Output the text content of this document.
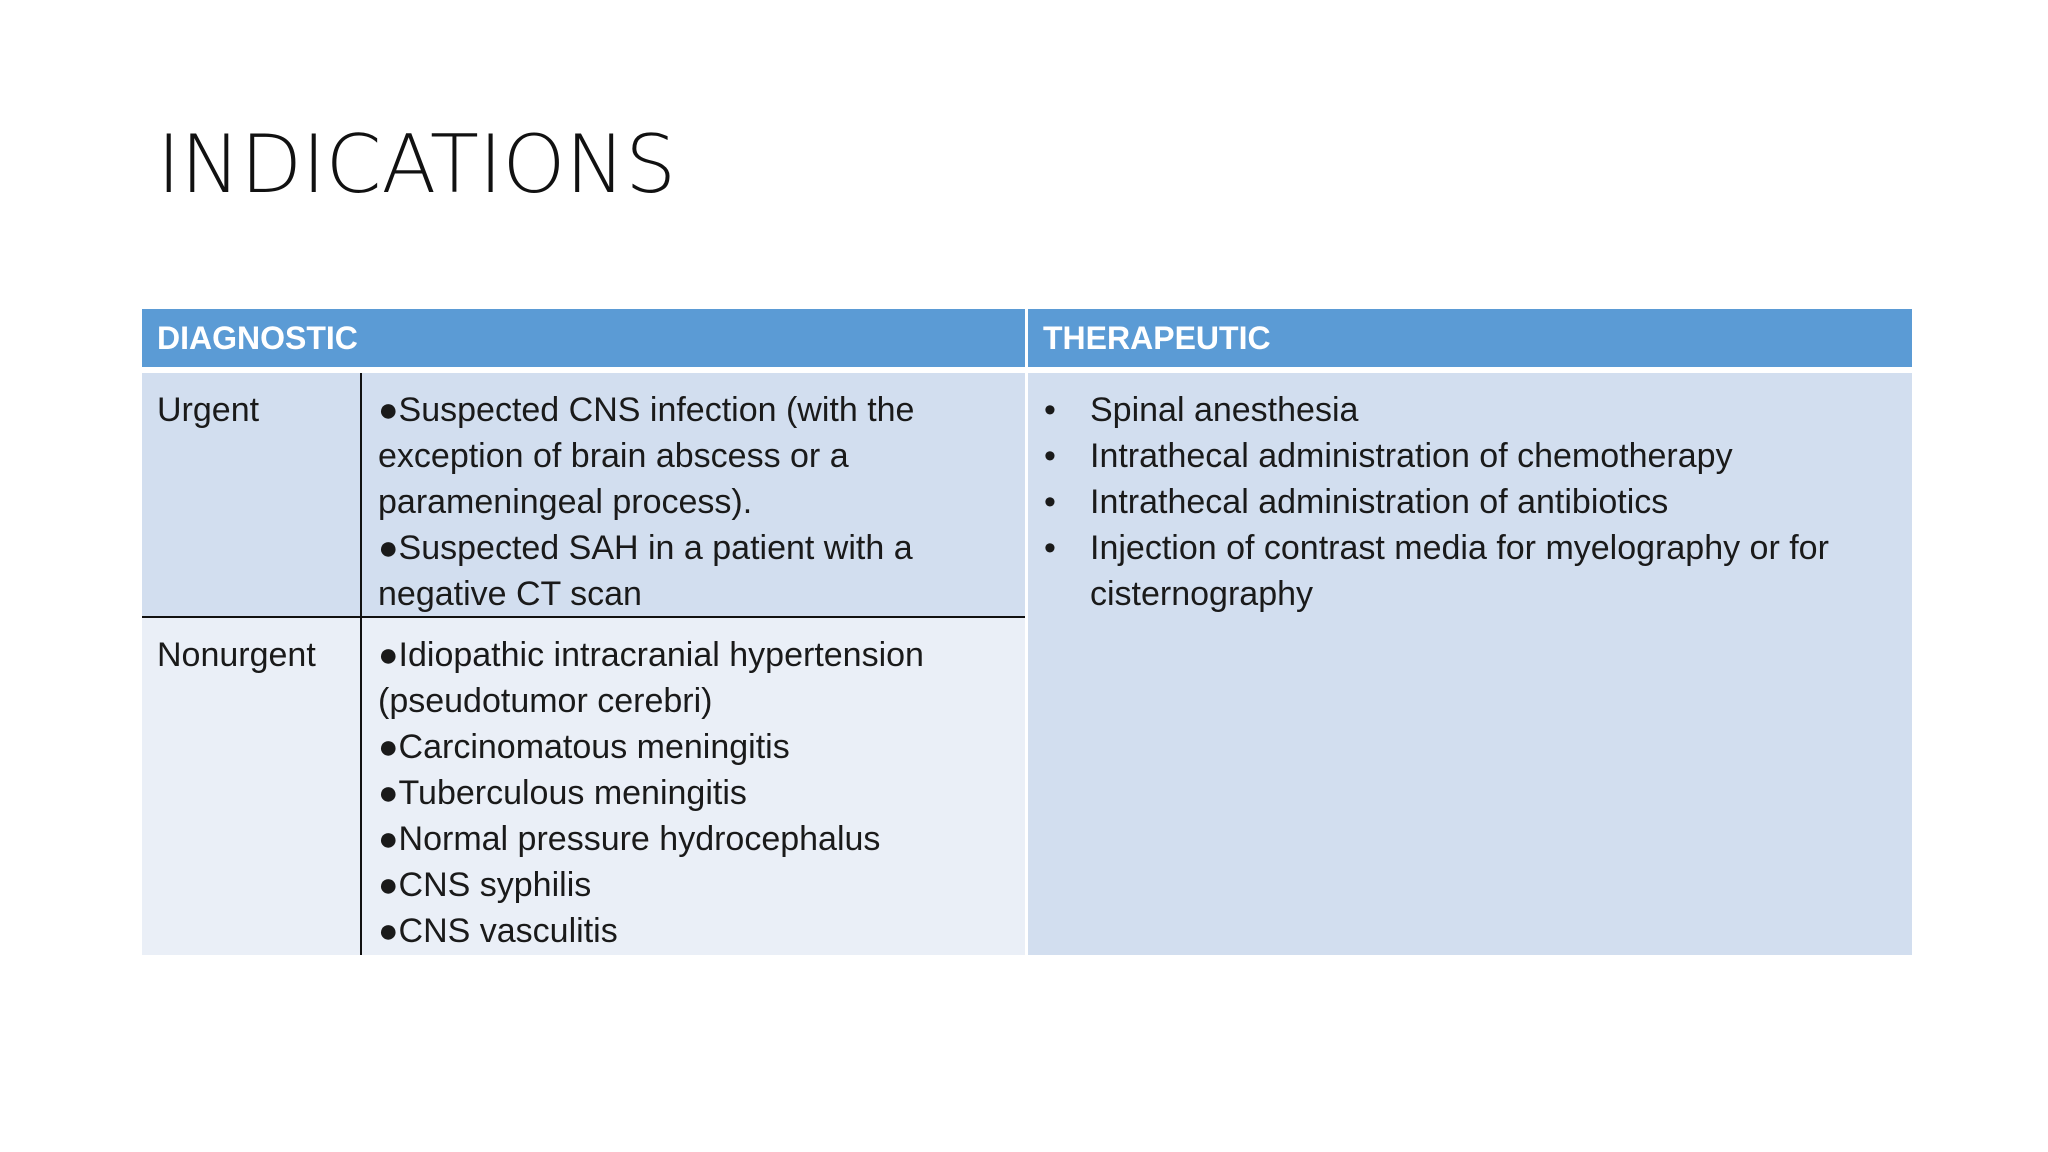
INDICATIONS
DIAGNOSTIC	THERAPEUTIC
Urgent	●Suspected CNS infection (with the
exception of brain abscess or a
parameningeal process).
●Suspected SAH in a patient with a
negative CT scan
Nonurgent	●Idiopathic intracranial hypertension
(pseudotumor cerebri)
●Carcinomatous meningitis
●Tuberculous meningitis
●Normal pressure hydrocephalus
●CNS syphilis
●CNS vasculitis
• Spinal anesthesia
• Intrathecal administration of chemotherapy
• Intrathecal administration of antibiotics
• Injection of contrast media for myelography or for cisternography
